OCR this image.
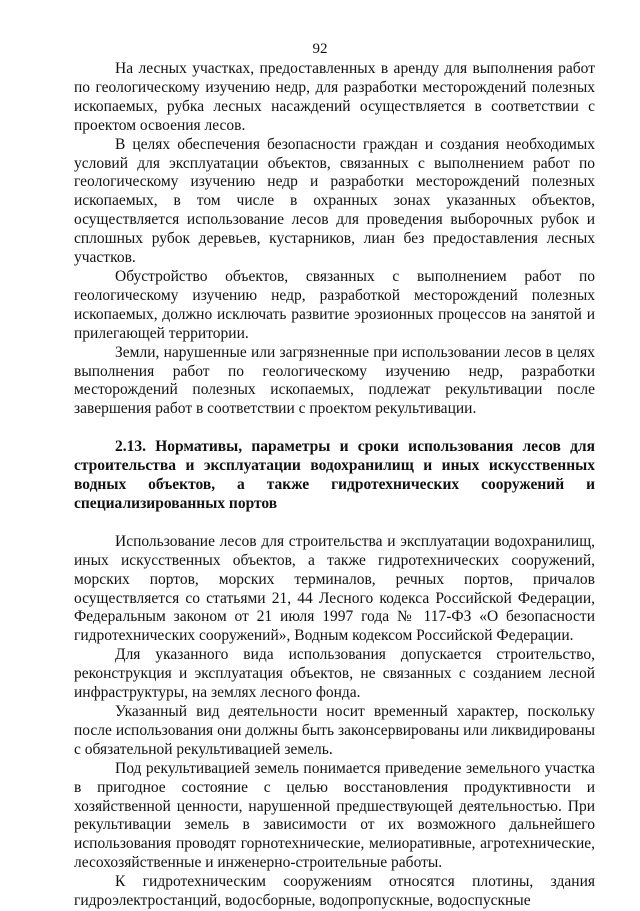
92

На лесных участках, предоставленных в аренду для выполнения работ по геологическому изучению недр, для разработки месторождений полезных ископаемых, рубка лесных насаждений осуществляется в соответствии с проектом освоения лесов.

В целях обеспечения безопасности граждан и создания необходимых условий для эксплуатации объектов, связанных с выполнением работ по геологическому изучению недр и разработки месторождений полезных ископаемых, в том числе в охранных зонах указанных объектов, осуществляется использование лесов для проведения выборочных рубок и сплошных рубок деревьев, кустарников, лиан без предоставления лесных участков.

Обустройство объектов, связанных с выполнением работ по геологическому изучению недр, разработкой месторождений полезных ископаемых, должно исключать развитие эрозионных процессов на занятой и прилегающей территории.

Земли, нарушенные или загрязненные при использовании лесов в целях выполнения работ по геологическому изучению недр, разработки месторождений полезных ископаемых, подлежат рекультивации после завершения работ в соответствии с проектом рекультивации.

2.13. Нормативы, параметры и сроки использования лесов для строительства и эксплуатации водохранилищ и иных искусственных водных объектов, а также гидротехнических сооружений и специализированных портов

Использование лесов для строительства и эксплуатации водохранилищ, иных искусственных объектов, а также гидротехнических сооружений, морских портов, морских терминалов, речных портов, причалов осуществляется со статьями 21, 44 Лесного кодекса Российской Федерации, Федеральным законом от 21 июля 1997 года № 117-ФЗ «О безопасности гидротехнических сооружений», Водным кодексом Российской Федерации.

Для указанного вида использования допускается строительство, реконструкция и эксплуатация объектов, не связанных с созданием лесной инфраструктуры, на землях лесного фонда.

Указанный вид деятельности носит временный характер, поскольку после использования они должны быть законсервированы или ликвидированы с обязательной рекультивацией земель.

Под рекультивацией земель понимается приведение земельного участка в пригодное состояние с целью восстановления продуктивности и хозяйственной ценности, нарушенной предшествующей деятельностью. При рекультивации земель в зависимости от их возможного дальнейшего использования проводят горнотехнические, мелиоративные, агротехнические, лесохозяйственные и инженерно-строительные работы.

К гидротехническим сооружениям относятся плотины, здания гидроэлектростанций, водосборные, водопропускные, водоспускные
